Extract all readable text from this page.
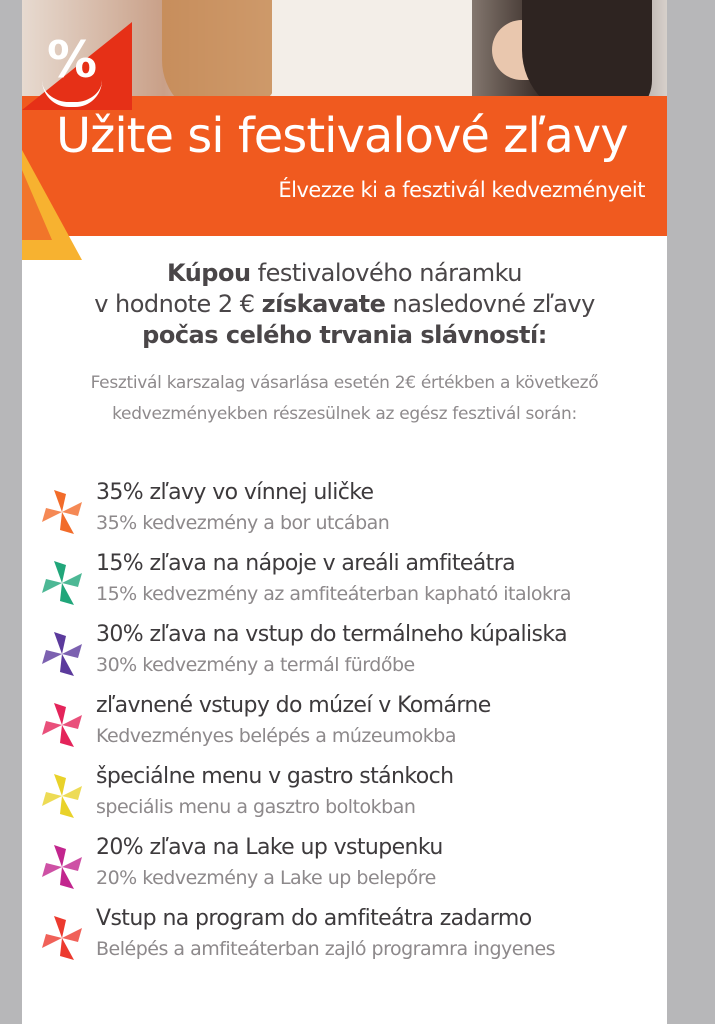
%
Užite si festivalové zľavy
Élvezze ki a fesztivál kedvezményeit
Kúpou festivalového náramku
v hodnote 2 € získavate nasledovné zľavy
počas celého trvania slávností:
Fesztivál karszalag vásarlása esetén 2€ értékben a következő
kedvezményekben részesülnek az egész fesztivál során:
35% zľavy vo vínnej uličke
35% kedvezmény a bor utcában
15% zľava na nápoje v areáli amfiteátra
15% kedvezmény az amfiteáterban kapható italokra
30% zľava na vstup do termálneho kúpaliska
30% kedvezmény a termál fürdőbe
zľavnené vstupy do múzeí v Komárne
Kedvezményes belépés a múzeumokba
špeciálne menu v gastro stánkoch
speciális menu a gasztro boltokban
20% zľava na Lake up vstupenku
20% kedvezmény a Lake up belepőre
Vstup na program do amfiteátra zadarmo
Belépés a amfiteáterban zajló programra ingyenes
